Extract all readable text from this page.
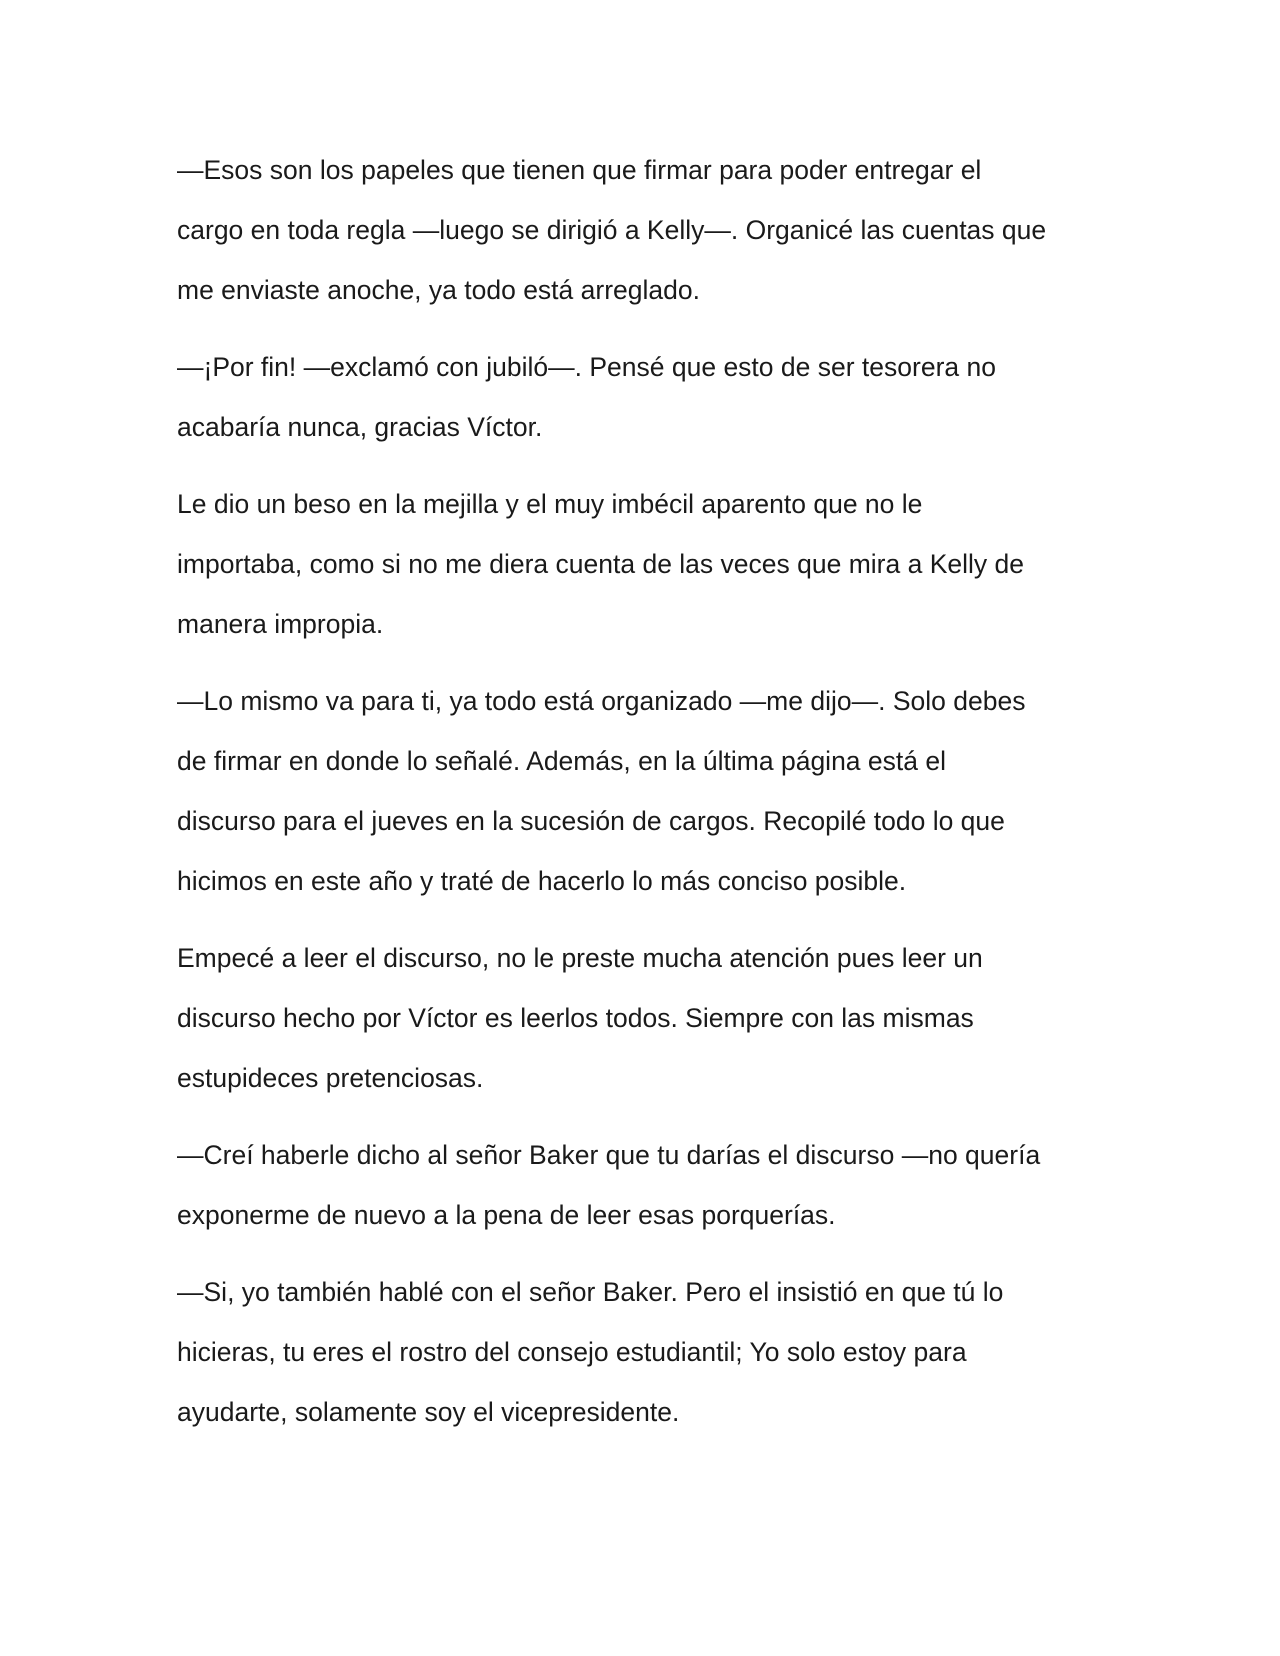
—Esos son los papeles que tienen que firmar para poder entregar el
cargo en toda regla —luego se dirigió a Kelly—. Organicé las cuentas que
me enviaste anoche, ya todo está arreglado.

—¡Por fin! —exclamó con jubiló—. Pensé que esto de ser tesorera no
acabaría nunca, gracias Víctor.

Le dio un beso en la mejilla y el muy imbécil aparento que no le
importaba, como si no me diera cuenta de las veces que mira a Kelly de
manera impropia.

—Lo mismo va para ti, ya todo está organizado —me dijo—. Solo debes
de firmar en donde lo señalé. Además, en la última página está el
discurso para el jueves en la sucesión de cargos. Recopilé todo lo que
hicimos en este año y traté de hacerlo lo más conciso posible.

Empecé a leer el discurso, no le preste mucha atención pues leer un
discurso hecho por Víctor es leerlos todos. Siempre con las mismas
estupideces pretenciosas.

—Creí haberle dicho al señor Baker que tu darías el discurso —no quería
exponerme de nuevo a la pena de leer esas porquerías.

—Si, yo también hablé con el señor Baker. Pero el insistió en que tú lo
hicieras, tu eres el rostro del consejo estudiantil; Yo solo estoy para
ayudarte, solamente soy el vicepresidente.
